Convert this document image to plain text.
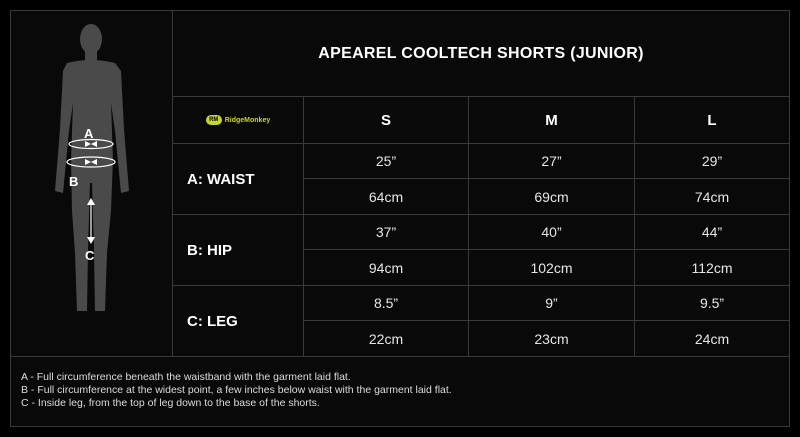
A
B
C
APEAREL COOLTECH SHORTS (JUNIOR)
RM RidgeMonkey	S	M	L
A: WAIST
25”	27”	29”
64cm	69cm	74cm
B: HIP
37”	40”	44”
94cm	102cm	112cm
C: LEG
8.5”	9”	9.5”
22cm	23cm	24cm
A - Full circumference beneath the waistband with the garment laid flat.
B - Full circumference at the widest point, a few inches below waist with the garment laid flat.
C - Inside leg, from the top of leg down to the base of the shorts.
